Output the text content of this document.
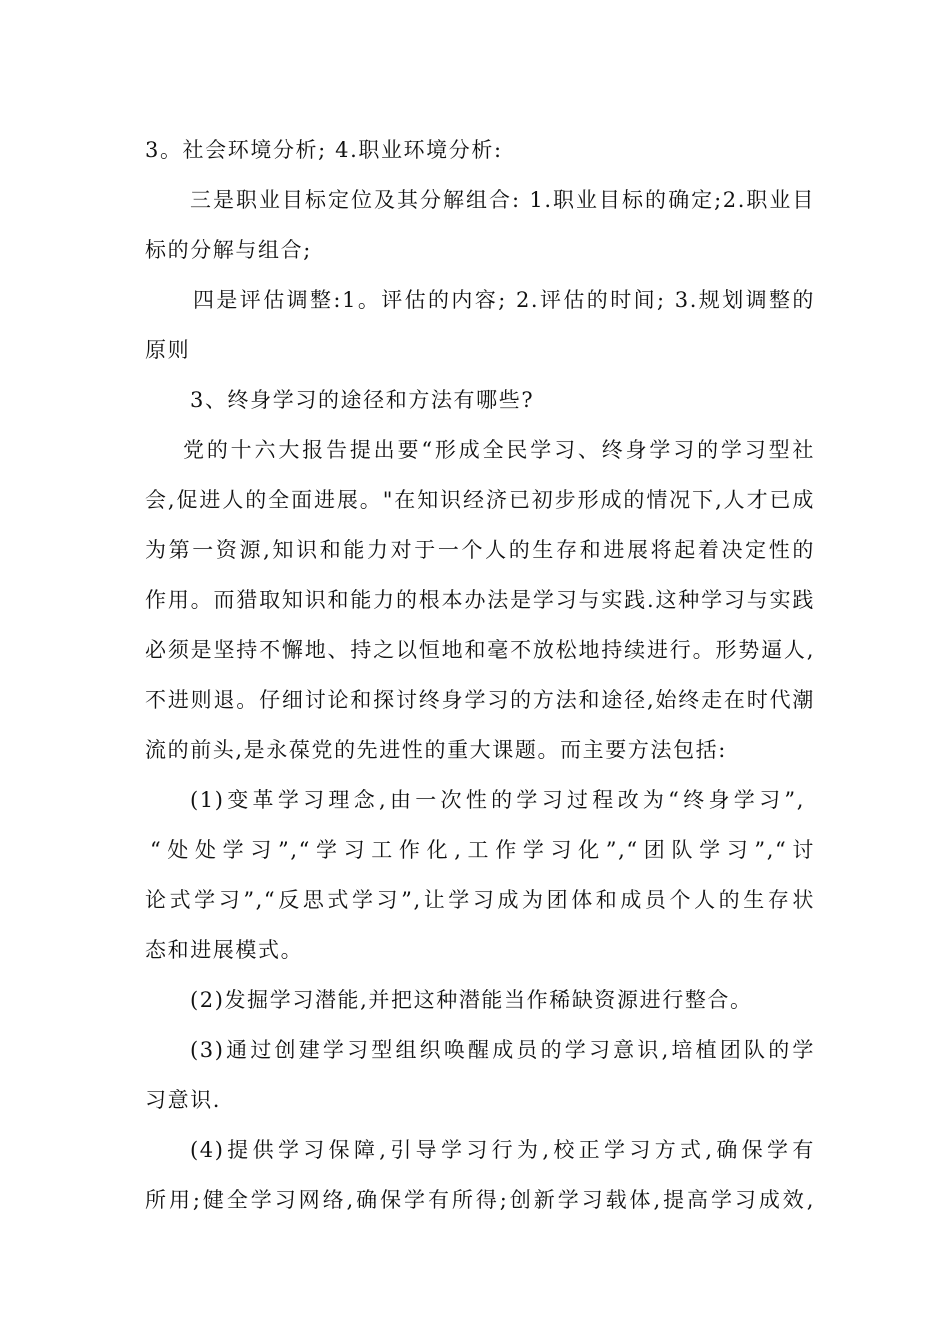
3。社会环境分析; 4.职业环境分析:
三是职业目标定位及其分解组合: 1.职业目标的确定;2.职业目
标的分解与组合;
四是评估调整:1。评估的内容; 2.评估的时间; 3.规划调整的
原则
3、终身学习的途径和方法有哪些?
党的十六大报告提出要“形成全民学习、终身学习的学习型社
会,促进人的全面进展。"在知识经济已初步形成的情况下,人才已成
为第一资源,知识和能力对于一个人的生存和进展将起着决定性的
作用。而猎取知识和能力的根本办法是学习与实践.这种学习与实践
必须是坚持不懈地、持之以恒地和毫不放松地持续进行。形势逼人,
不进则退。仔细讨论和探讨终身学习的方法和途径,始终走在时代潮
流的前头,是永葆党的先进性的重大课题。而主要方法包括:
(1)变革学习理念,由一次性的学习过程改为“终身学习”,
“处处学习”,“学习工作化,工作学习化”,“团队学习”,“讨
论式学习”,“反思式学习”,让学习成为团体和成员个人的生存状
态和进展模式。
(2)发掘学习潜能,并把这种潜能当作稀缺资源进行整合。
(3)通过创建学习型组织唤醒成员的学习意识,培植团队的学
习意识.
(4)提供学习保障,引导学习行为,校正学习方式,确保学有
所用;健全学习网络,确保学有所得;创新学习载体,提高学习成效,
